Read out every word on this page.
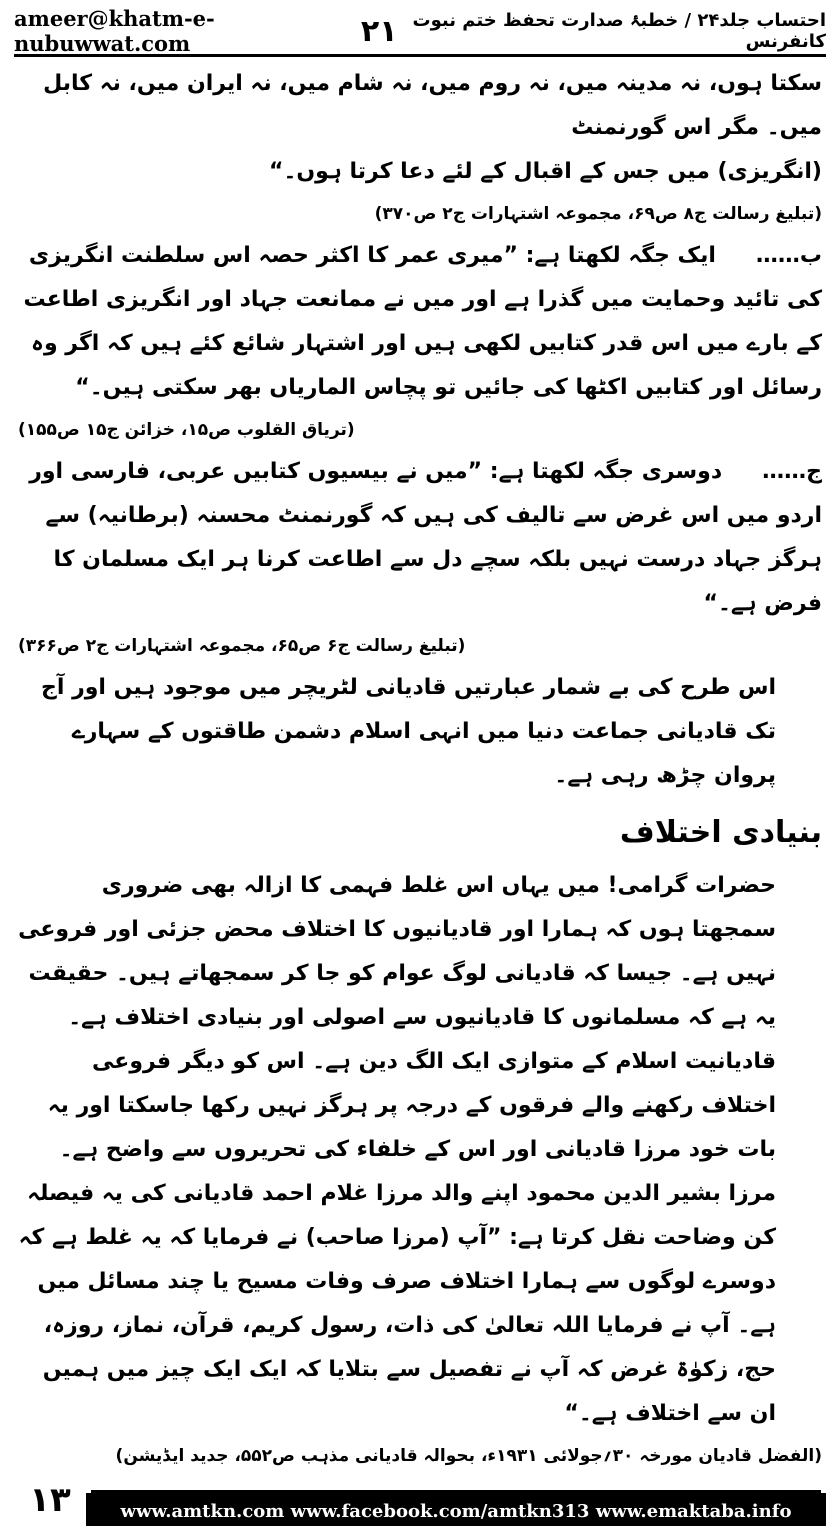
ameer@khatm-e-nubuwwat.com	۲۱ احتساب جلد۲۴ / خطبۂ صدارت تحفظ ختم نبوت کانفرنس

سکتا ہوں، نہ مدینہ میں، نہ روم میں، نہ شام میں، نہ ایران میں، نہ کابل میں۔ مگر اس گورنمنٹ

(انگریزی) میں جس کے اقبال کے لئے دعا کرتا ہوں۔“

(تبلیغ رسالت ج۸ ص۶۹، مجموعہ اشتہارات ج۲ ص۳۷۰)

ب……ایک جگہ لکھتا ہے: ”میری عمر کا اکثر حصہ اس سلطنت انگریزی کی تائید وحمایت میں گذرا ہے اور میں نے ممانعت جہاد اور انگریزی اطاعت کے بارے میں اس قدر کتابیں لکھی ہیں اور اشتہار شائع کئے ہیں کہ اگر وہ رسائل اور کتابیں اکٹھا کی جائیں تو پچاس الماریاں بھر سکتی ہیں۔“

(تریاق القلوب ص۱۵، خزائن ج۱۵ ص۱۵۵)

ج……دوسری جگہ لکھتا ہے: ”میں نے بیسیوں کتابیں عربی، فارسی اور اردو میں اس غرض سے تالیف کی ہیں کہ گورنمنٹ محسنہ (برطانیہ) سے ہرگز جہاد درست نہیں بلکہ سچے دل سے اطاعت کرنا ہر ایک مسلمان کا فرض ہے۔“

(تبلیغ رسالت ج۶ ص۶۵، مجموعہ اشتہارات ج۲ ص۳۶۶)

اس طرح کی بے شمار عبارتیں قادیانی لٹریچر میں موجود ہیں اور آج تک قادیانی جماعت دنیا میں انہی اسلام دشمن طاقتوں کے سہارے پروان چڑھ رہی ہے۔

بنیادی اختلاف

حضرات گرامی! میں یہاں اس غلط فہمی کا ازالہ بھی ضروری سمجھتا ہوں کہ ہمارا اور قادیانیوں کا اختلاف محض جزئی اور فروعی نہیں ہے۔ جیسا کہ قادیانی لوگ عوام کو جا کر سمجھاتے ہیں۔ حقیقت یہ ہے کہ مسلمانوں کا قادیانیوں سے اصولی اور بنیادی اختلاف ہے۔ قادیانیت اسلام کے متوازی ایک الگ دین ہے۔ اس کو دیگر فروعی اختلاف رکھنے والے فرقوں کے درجہ پر ہرگز نہیں رکھا جاسکتا اور یہ بات خود مرزا قادیانی اور اس کے خلفاء کی تحریروں سے واضح ہے۔ مرزا بشیر الدین محمود اپنے والد مرزا غلام احمد قادیانی کی یہ فیصلہ کن وضاحت نقل کرتا ہے: ”آپ (مرزا صاحب) نے فرمایا کہ یہ غلط ہے کہ دوسرے لوگوں سے ہمارا اختلاف صرف وفات مسیح یا چند مسائل میں ہے۔ آپ نے فرمایا اللہ تعالیٰ کی ذات، رسول کریم، قرآن، نماز، روزہ، حج، زکوٰۃ غرض کہ آپ نے تفصیل سے بتلایا کہ ایک ایک چیز میں ہمیں ان سے اختلاف ہے۔“

(الفضل قادیان مورخہ ۳۰؍جولائی ۱۹۳۱ء، بحوالہ قادیانی مذہب ص۵۵۲، جدید ایڈیشن)

۱۳	www.amtkn.com www.facebook.com/amtkn313 www.emaktaba.info
